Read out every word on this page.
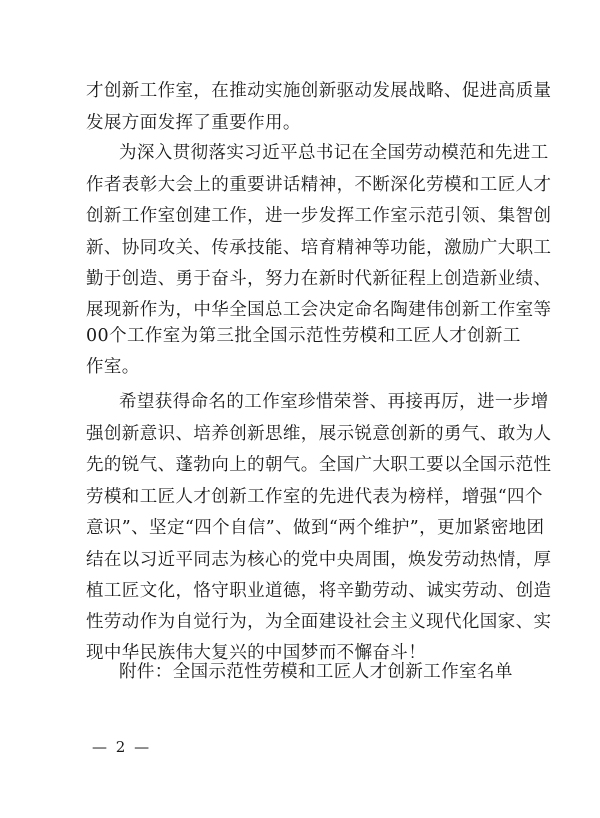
才创新工作室，在推动实施创新驱动发展战略、促进高质量
发展方面发挥了重要作用。
为深入贯彻落实习近平总书记在全国劳动模范和先进工
作者表彰大会上的重要讲话精神，不断深化劳模和工匠人才
创新工作室创建工作，进一步发挥工作室示范引领、集智创
新、协同攻关、传承技能、培育精神等功能，激励广大职工
勤于创造、勇于奋斗，努力在新时代新征程上创造新业绩、
展现新作为，中华全国总工会决定命名陶建伟创新工作室等
00个工作室为第三批全国示范性劳模和工匠人才创新工
作室。
希望获得命名的工作室珍惜荣誉、再接再厉，进一步增
强创新意识、培养创新思维，展示锐意创新的勇气、敢为人
先的锐气、蓬勃向上的朝气。全国广大职工要以全国示范性
劳模和工匠人才创新工作室的先进代表为榜样，增强“四个
意识”、坚定“四个自信”、做到“两个维护”，更加紧密地团
结在以习近平同志为核心的党中央周围，焕发劳动热情，厚
植工匠文化，恪守职业道德，将辛勤劳动、诚实劳动、创造
性劳动作为自觉行为，为全面建设社会主义现代化国家、实
现中华民族伟大复兴的中国梦而不懈奋斗！
附件：全国示范性劳模和工匠人才创新工作室名单
— 2 —
